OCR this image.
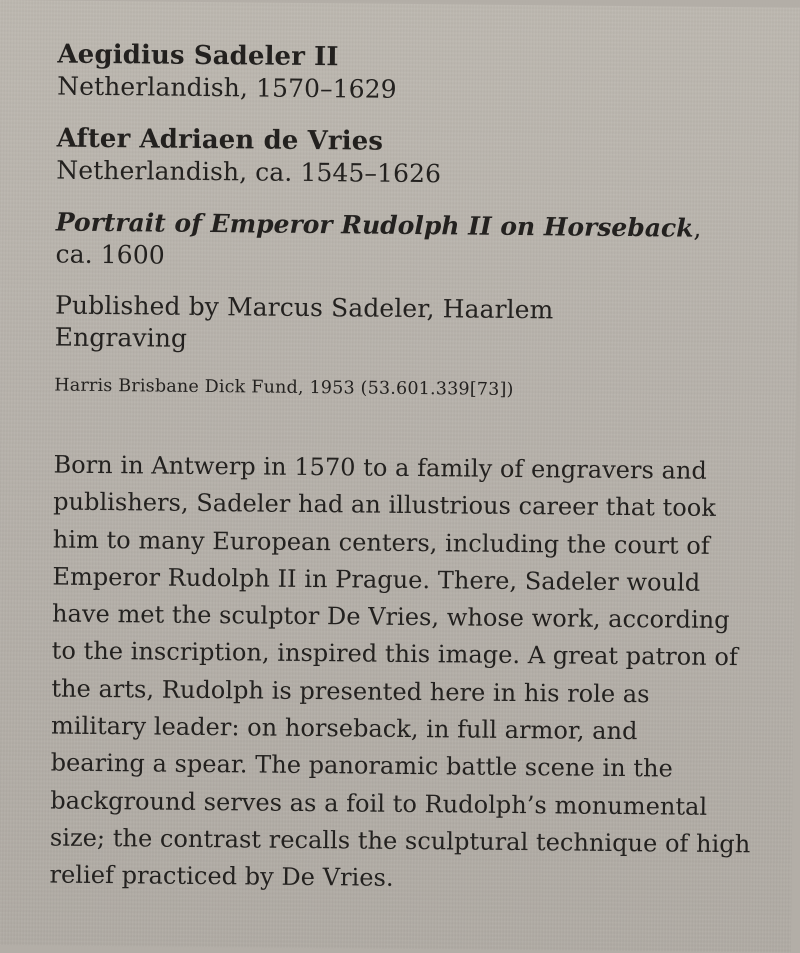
Aegidius Sadeler II
Netherlandish, 1570–1629
After Adriaen de Vries
Netherlandish, ca. 1545–1626
Portrait of Emperor Rudolph II on Horseback,
ca. 1600
Published by Marcus Sadeler, Haarlem
Engraving
Harris Brisbane Dick Fund, 1953 (53.601.339[73])
Born in Antwerp in 1570 to a family of engravers and
publishers, Sadeler had an illustrious career that took
him to many European centers, including the court of
Emperor Rudolph II in Prague. There, Sadeler would
have met the sculptor De Vries, whose work, according
to the inscription, inspired this image. A great patron of
the arts, Rudolph is presented here in his role as
military leader: on horseback, in full armor, and
bearing a spear. The panoramic battle scene in the
background serves as a foil to Rudolph’s monumental
size; the contrast recalls the sculptural technique of high
relief practiced by De Vries.
